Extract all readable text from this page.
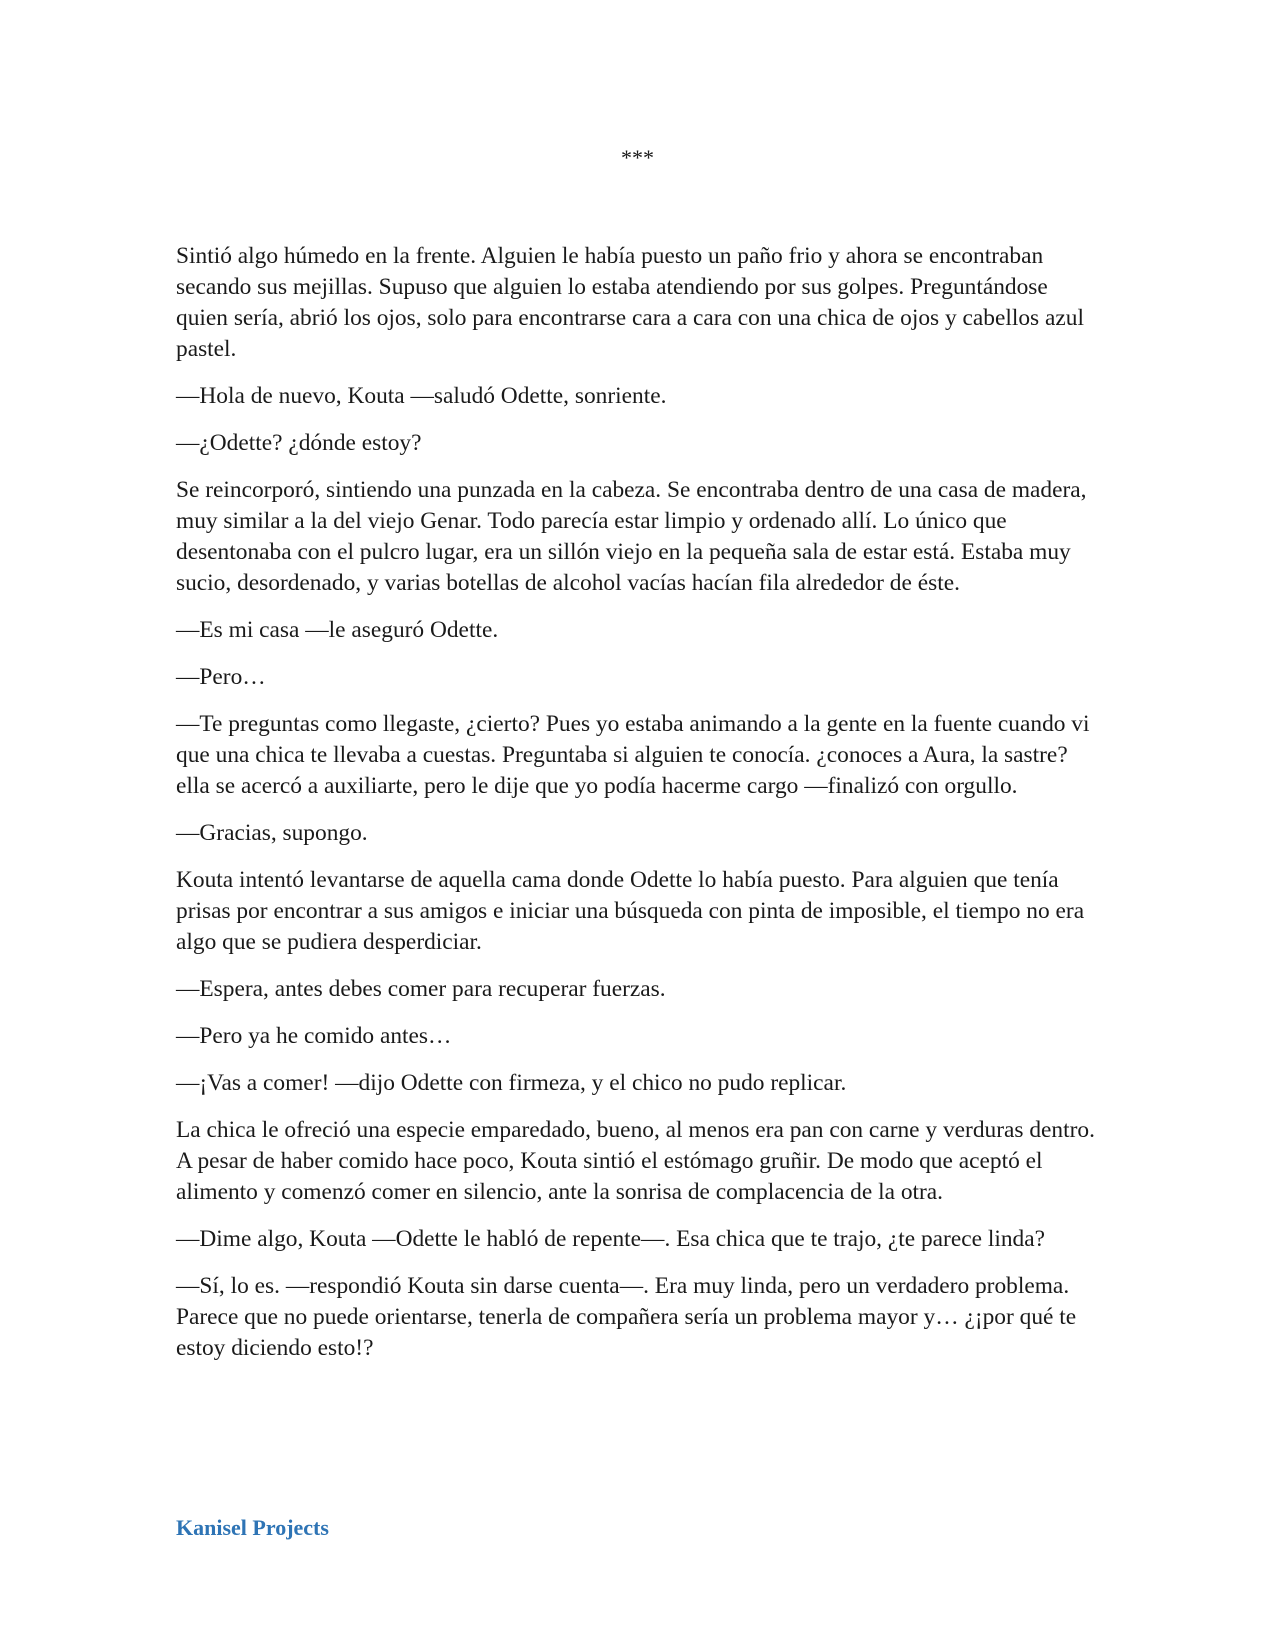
***

Sintió algo húmedo en la frente. Alguien le había puesto un paño frio y ahora se encontraban secando sus mejillas. Supuso que alguien lo estaba atendiendo por sus golpes. Preguntándose quien sería, abrió los ojos, solo para encontrarse cara a cara con una chica de ojos y cabellos azul pastel.

—Hola de nuevo, Kouta —saludó Odette, sonriente.

—¿Odette? ¿dónde estoy?

Se reincorporó, sintiendo una punzada en la cabeza. Se encontraba dentro de una casa de madera, muy similar a la del viejo Genar. Todo parecía estar limpio y ordenado allí. Lo único que desentonaba con el pulcro lugar, era un sillón viejo en la pequeña sala de estar está. Estaba muy sucio, desordenado, y varias botellas de alcohol vacías hacían fila alrededor de éste.

—Es mi casa —le aseguró Odette.

—Pero…

—Te preguntas como llegaste, ¿cierto? Pues yo estaba animando a la gente en la fuente cuando vi que una chica te llevaba a cuestas. Preguntaba si alguien te conocía. ¿conoces a Aura, la sastre? ella se acercó a auxiliarte, pero le dije que yo podía hacerme cargo —finalizó con orgullo.

—Gracias, supongo.

Kouta intentó levantarse de aquella cama donde Odette lo había puesto. Para alguien que tenía prisas por encontrar a sus amigos e iniciar una búsqueda con pinta de imposible, el tiempo no era algo que se pudiera desperdiciar.

—Espera, antes debes comer para recuperar fuerzas.

—Pero ya he comido antes…

—¡Vas a comer! —dijo Odette con firmeza, y el chico no pudo replicar.

La chica le ofreció una especie emparedado, bueno, al menos era pan con carne y verduras dentro. A pesar de haber comido hace poco, Kouta sintió el estómago gruñir. De modo que aceptó el alimento y comenzó comer en silencio, ante la sonrisa de complacencia de la otra.

—Dime algo, Kouta —Odette le habló de repente—. Esa chica que te trajo, ¿te parece linda?

—Sí, lo es. —respondió Kouta sin darse cuenta—. Era muy linda, pero un verdadero problema. Parece que no puede orientarse, tenerla de compañera sería un problema mayor y… ¿¡por qué te estoy diciendo esto!?

Kanisel Projects
